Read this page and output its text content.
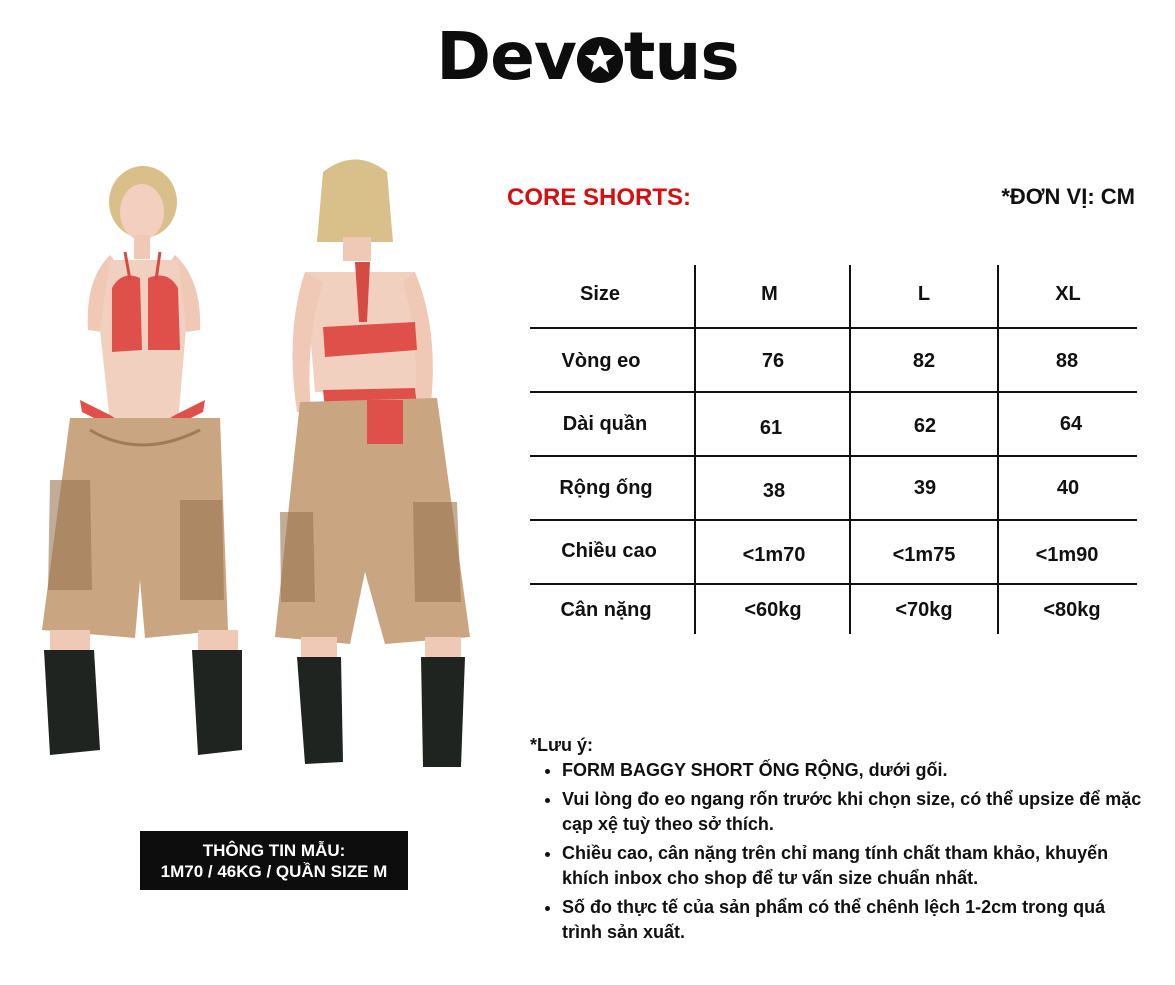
Dev tus
THÔNG TIN MẪU:
1M70 / 46KG / QUẦN SIZE M
CORE SHORTS:	*ĐƠN VỊ: CM
Size	M	L	XL
Vòng eo	76	82	88
Dài quần	61	62	64
Rộng ống	38	39	40
Chiều cao	<1m70	<1m75	<1m90
Cân nặng	<60kg	<70kg	<80kg
*Lưu ý:
• FORM BAGGY SHORT ỐNG RỘNG, dưới gối.
• Vui lòng đo eo ngang rốn trước khi chọn size, có thể upsize để mặc cạp xệ tuỳ theo sở thích.
• Chiều cao, cân nặng trên chỉ mang tính chất tham khảo, khuyến khích inbox cho shop để tư vấn size chuẩn nhất.
• Số đo thực tế của sản phẩm có thể chênh lệch 1-2cm trong quá trình sản xuất.
